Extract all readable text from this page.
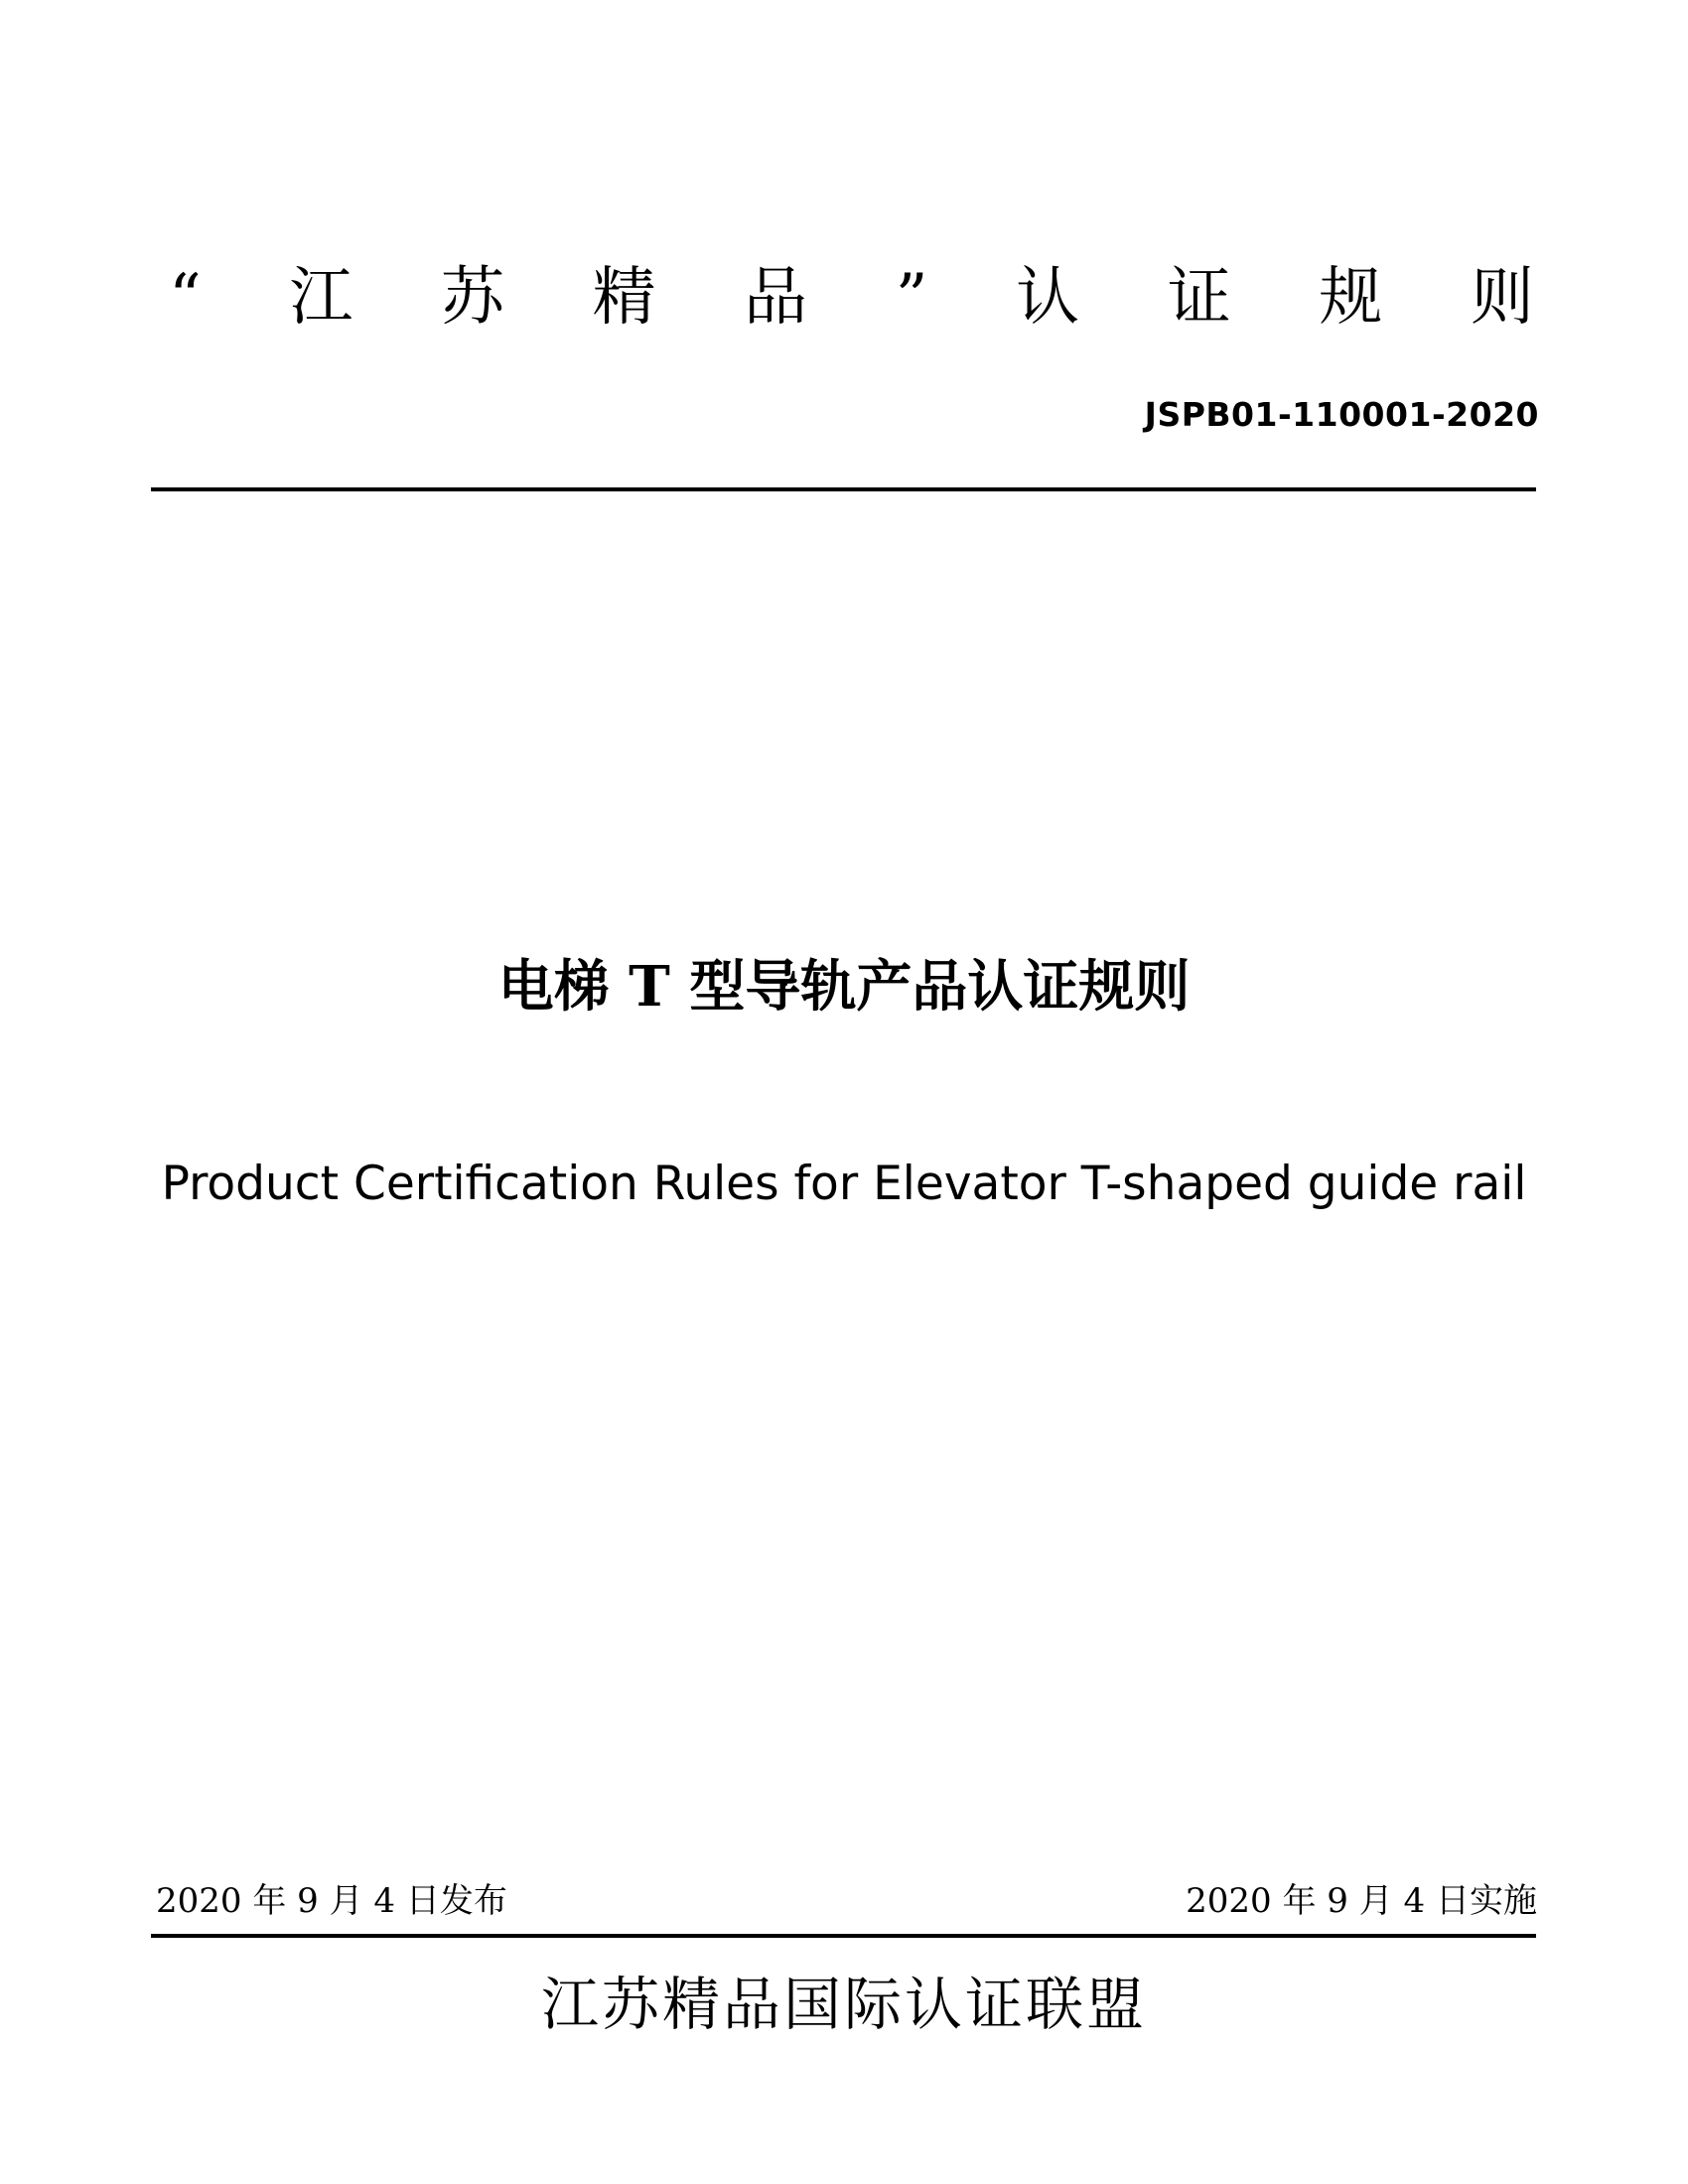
“ 江 苏 精 品 ” 认 证 规 则
JSPB01-110001-2020
电梯 T 型导轨产品认证规则
Product Certification Rules for Elevator T-shaped guide rail
2020 年 9 月 4 日发布	2020 年 9 月 4 日实施
江苏精品国际认证联盟
